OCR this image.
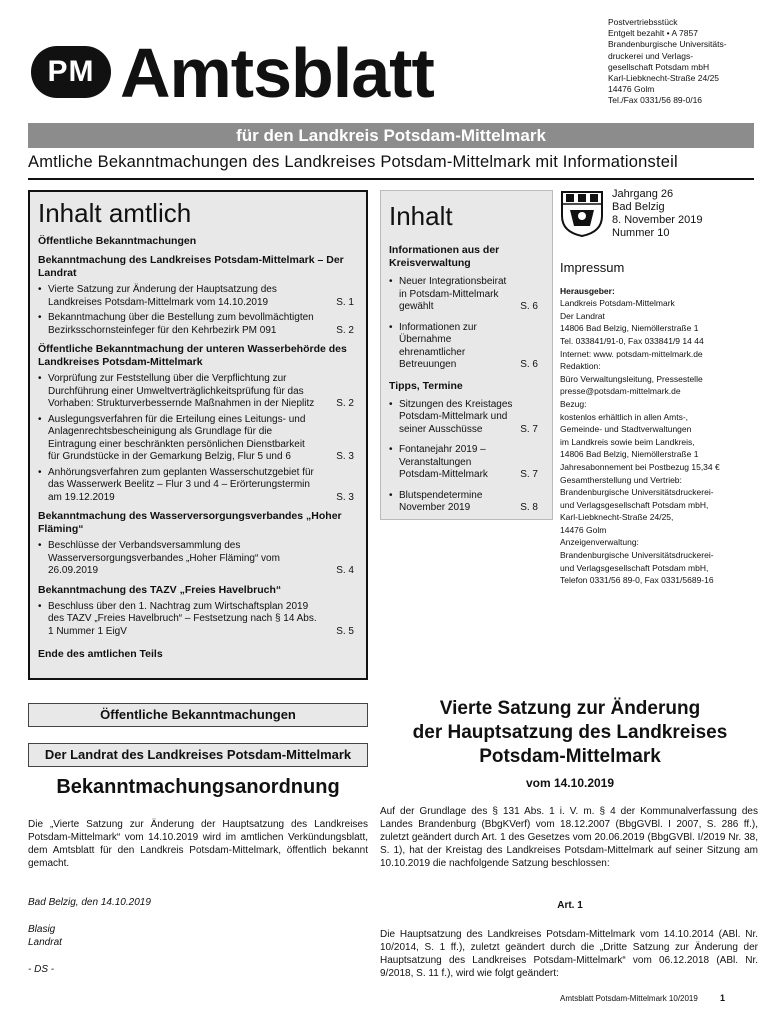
PM Amtsblatt
Postvertriebsstück
Entgelt bezahlt • A 7857
Brandenburgische Universitäts-
druckerei und Verlags-
gesellschaft Potsdam mbH
Karl-Liebknecht-Straße 24/25
14476 Golm
Tel./Fax 0331/56 89-0/16
für den Landkreis Potsdam-Mittelmark
Amtliche Bekanntmachungen des Landkreises Potsdam-Mittelmark mit Informationsteil
Inhalt amtlich
Öffentliche Bekanntmachungen
Bekanntmachung des Landkreises Potsdam-Mittelmark – Der Landrat
• Vierte Satzung zur Änderung der Hauptsatzung des Landkreises Potsdam-Mittelmark vom 14.10.2019	S. 1
• Bekanntmachung über die Bestellung zum bevollmächtigten Bezirksschornsteinfeger für den Kehrbezirk PM 091	S. 2
Öffentliche Bekanntmachung der unteren Wasserbehörde des Landkreises Potsdam-Mittelmark
• Vorprüfung zur Feststellung über die Verpflichtung zur Durchführung einer Umweltverträglichkeitsprüfung für das Vorhaben: Strukturverbessernde Maßnahmen in der Nieplitz S. 2
• Auslegungsverfahren für die Erteilung eines Leitungs- und Anlagenrechtsbescheinigung als Grundlage für die Eintragung einer beschränkten persönlichen Dienstbarkeit für Grundstücke in der Gemarkung Belzig, Flur 5 und 6	S. 3
• Anhörungsverfahren zum geplanten Wasserschutzgebiet für das Wasserwerk Beelitz – Flur 3 und 4 – Erörterungstermin am 19.12.2019	S. 3
Bekanntmachung des Wasserversorgungsverbandes „Hoher Fläming“
• Beschlüsse der Verbandsversammlung des Wasserversorgungsverbandes „Hoher Fläming“ vom 26.09.2019	S. 4
Bekanntmachung des TAZV „Freies Havelbruch“
• Beschluss über den 1. Nachtrag zum Wirtschaftsplan 2019 des TAZV „Freies Havelbruch“ – Festsetzung nach § 14 Abs. 1 Nummer 1 EigV	S. 5
Ende des amtlichen Teils
Inhalt
Informationen aus der Kreisverwaltung
• Neuer Integrationsbeirat in Potsdam-Mittelmark gewählt	S. 6
• Informationen zur Übernahme ehrenamtlicher Betreuungen	S. 6
Tipps, Termine
• Sitzungen des Kreistages Potsdam-Mittelmark und seiner Ausschüsse	S. 7
• Fontanejahr 2019 – Veranstaltungen Potsdam-Mittelmark	S. 7
• Blutspendetermine November 2019	S. 8
Jahrgang 26
Bad Belzig
8. November 2019
Nummer 10
Impressum
Herausgeber:
Landkreis Potsdam-Mittelmark
Der Landrat
14806 Bad Belzig, Niemöllerstraße 1
Tel. 033841/91-0, Fax 033841/9 14 44
Internet: www. potsdam-mittelmark.de
Redaktion:
Büro Verwaltungsleitung, Pressestelle
presse@potsdam-mittelmark.de
Bezug:
kostenlos erhältlich in allen Amts-,
Gemeinde- und Stadtverwaltungen
im Landkreis sowie beim Landkreis,
14806 Bad Belzig, Niemöllerstraße 1
Jahresabonnement bei Postbezug 15,34 €
Gesamtherstellung und Vertrieb:
Brandenburgische Universitätsdruckerei-
und Verlagsgesellschaft Potsdam mbH,
Karl-Liebknecht-Straße 24/25,
14476 Golm
Anzeigenverwaltung:
Brandenburgische Universitätsdruckerei-
und Verlagsgesellschaft Potsdam mbH,
Telefon 0331/56 89-0, Fax 0331/5689-16
Öffentliche Bekanntmachungen
Der Landrat des Landkreises Potsdam-Mittelmark
Bekanntmachungsanordnung
Die „Vierte Satzung zur Änderung der Hauptsatzung des Landkreises Potsdam-Mittelmark“ vom 14.10.2019 wird im amtlichen Verkündungsblatt, dem Amtsblatt für den Landkreis Potsdam-Mittelmark, öffentlich bekannt gemacht.
Bad Belzig, den 14.10.2019
Blasig
Landrat
- DS -
Vierte Satzung zur Änderung
der Hauptsatzung des Landkreises
Potsdam-Mittelmark
vom 14.10.2019
Auf der Grundlage des § 131 Abs. 1 i. V. m. § 4 der Kommunalverfassung des Landes Brandenburg (BbgKVerf) vom 18.12.2007 (BbgGVBl. I 2007, S. 286 ff.), zuletzt geändert durch Art. 1 des Gesetzes vom 20.06.2019 (BbgGVBl. I/2019 Nr. 38, S. 1), hat der Kreistag des Landkreises Potsdam-Mittelmark auf seiner Sitzung am 10.10.2019 die nachfolgende Satzung beschlossen:
Art. 1
Die Hauptsatzung des Landkreises Potsdam-Mittelmark vom 14.10.2014 (ABl. Nr. 10/2014, S. 1 ff.), zuletzt geändert durch die „Dritte Satzung zur Änderung der Hauptsatzung des Landkreises Potsdam-Mittelmark“ vom 06.12.2018 (ABl. Nr. 9/2018, S. 11 f.), wird wie folgt geändert:
Amtsblatt Potsdam-Mittelmark 10/2019 1
